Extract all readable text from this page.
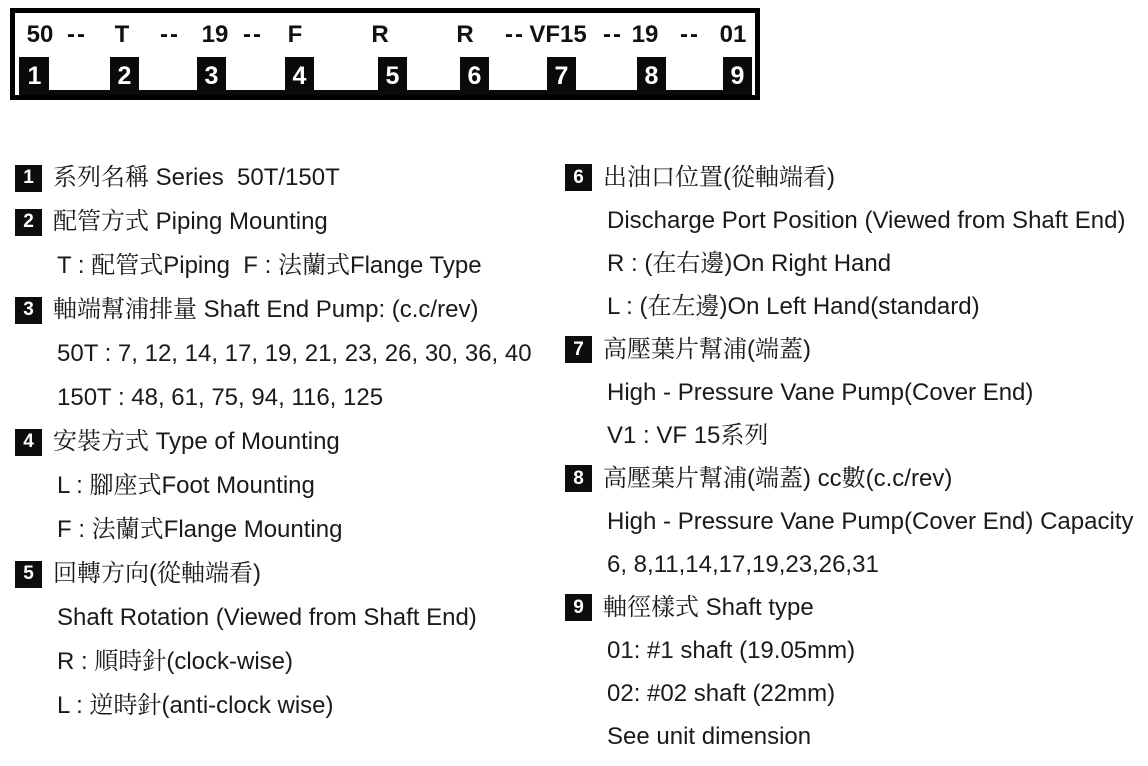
50 -- T -- 19 -- F	R	R -- VF15 -- 19 -- 01
1	2	3	4	5	6	7	8	9
1 系列名稱 Series  50T/150T
2 配管方式 Piping Mounting
T : 配管式Piping  F : 法蘭式Flange Type
3 軸端幫浦排量 Shaft End Pump: (c.c/rev)
50T : 7, 12, 14, 17, 19, 21, 23, 26, 30, 36, 40
150T : 48, 61, 75, 94, 116, 125
4 安裝方式 Type of Mounting
L : 腳座式Foot Mounting
F : 法蘭式Flange Mounting
5 回轉方向(從軸端看)
Shaft Rotation (Viewed from Shaft End)
R : 順時針(clock-wise)
L : 逆時針(anti-clock wise)
6 出油口位置(從軸端看)
Discharge Port Position (Viewed from Shaft End)
R : (在右邊)On Right Hand
L : (在左邊)On Left Hand(standard)
7 高壓葉片幫浦(端蓋)
High - Pressure Vane Pump(Cover End)
V1 : VF 15系列
8 高壓葉片幫浦(端蓋) cc數(c.c/rev)
High - Pressure Vane Pump(Cover End) Capacity
6, 8,11,14,17,19,23,26,31
9 軸徑樣式 Shaft type
01: #1 shaft (19.05mm)
02: #02 shaft (22mm)
See unit dimension
